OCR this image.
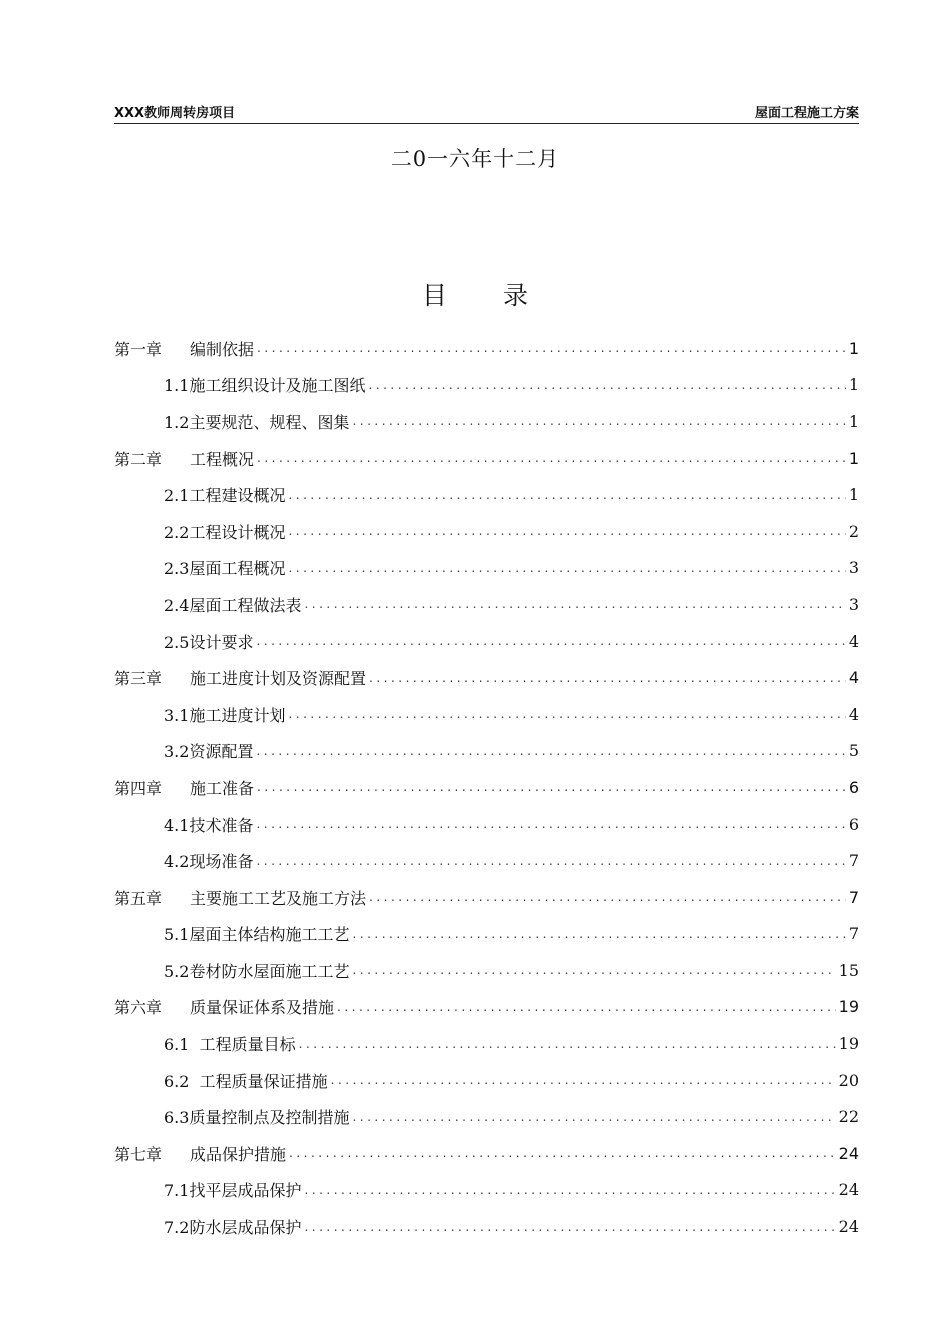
XXX教师周转房项目	屋面工程施工方案
二0一六年十二月
目 录
第一章	编制依据 .....	1
1.1施工组织设计及施工图纸 .....	1
1.2主要规范、规程、图集 .....	1
第二章	工程概况 .....	1
2.1工程建设概况 .....	1
2.2工程设计概况 .....	2
2.3屋面工程概况 .....	3
2.4屋面工程做法表 .....	3
2.5设计要求 .....	4
第三章	施工进度计划及资源配置 .....	4
3.1施工进度计划 .....	4
3.2资源配置 .....	5
第四章	施工准备 .....	6
4.1技术准备 .....	6
4.2现场准备 .....	7
第五章	主要施工工艺及施工方法 .....	7
5.1屋面主体结构施工工艺 .....	7
5.2卷材防水屋面施工工艺 .....	15
第六章	质量保证体系及措施 .....	19
6.1  工程质量目标 .....	19
6.2  工程质量保证措施 .....	20
6.3质量控制点及控制措施 .....	22
第七章	成品保护措施 .....	24
7.1找平层成品保护 .....	24
7.2防水层成品保护 .....	24
